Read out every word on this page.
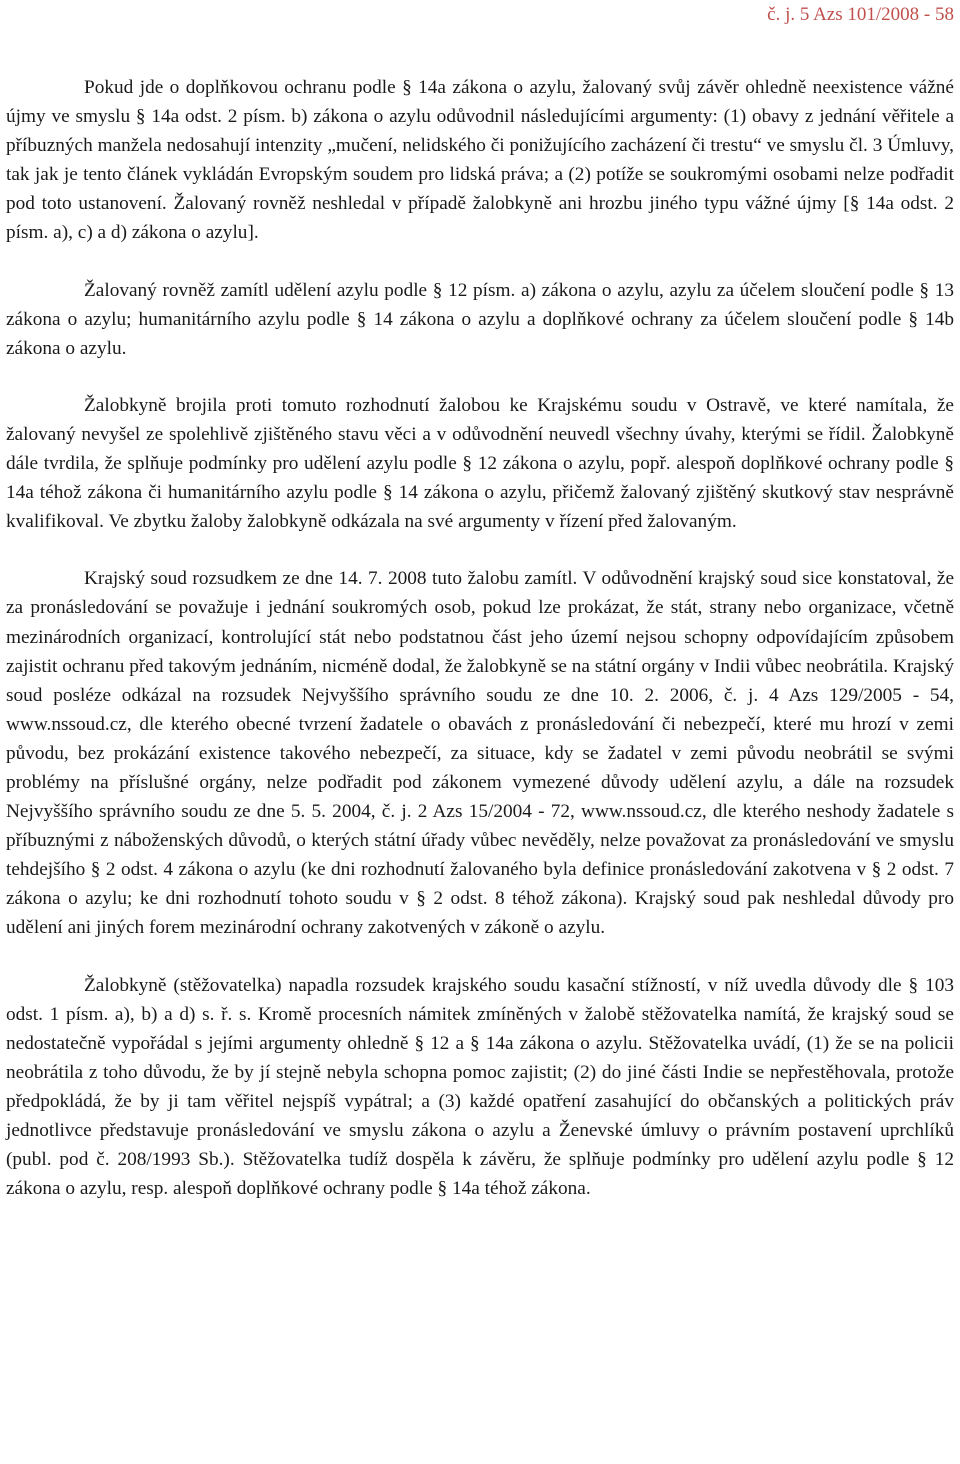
č. j. 5 Azs 101/2008 - 58

Pokud jde o doplňkovou ochranu podle § 14a zákona o azylu, žalovaný svůj závěr ohledně neexistence vážné újmy ve smyslu § 14a odst. 2 písm. b) zákona o azylu odůvodnil následujícími argumenty: (1) obavy z jednání věřitele a příbuzných manžela nedosahují intenzity „mučení, nelidského či ponižujícího zacházení či trestu“ ve smyslu čl. 3 Úmluvy, tak jak je tento článek vykládán Evropským soudem pro lidská práva; a (2) potíže se soukromými osobami nelze podřadit pod toto ustanovení. Žalovaný rovněž neshledal v případě žalobkyně ani hrozbu jiného typu vážné újmy [§ 14a odst. 2 písm. a), c) a d) zákona o azylu].

Žalovaný rovněž zamítl udělení azylu podle § 12 písm. a) zákona o azylu, azylu za účelem sloučení podle § 13 zákona o azylu; humanitárního azylu podle § 14 zákona o azylu a doplňkové ochrany za účelem sloučení podle § 14b zákona o azylu.

Žalobkyně brojila proti tomuto rozhodnutí žalobou ke Krajskému soudu v Ostravě, ve které namítala, že žalovaný nevyšel ze spolehlivě zjištěného stavu věci a v odůvodnění neuvedl všechny úvahy, kterými se řídil. Žalobkyně dále tvrdila, že splňuje podmínky pro udělení azylu podle § 12 zákona o azylu, popř. alespoň doplňkové ochrany podle § 14a téhož zákona či humanitárního azylu podle § 14 zákona o azylu, přičemž žalovaný zjištěný skutkový stav nesprávně kvalifikoval. Ve zbytku žaloby žalobkyně odkázala na své argumenty v řízení před žalovaným.

Krajský soud rozsudkem ze dne 14. 7. 2008 tuto žalobu zamítl. V odůvodnění krajský soud sice konstatoval, že za pronásledování se považuje i jednání soukromých osob, pokud lze prokázat, že stát, strany nebo organizace, včetně mezinárodních organizací, kontrolující stát nebo podstatnou část jeho území nejsou schopny odpovídajícím způsobem zajistit ochranu před takovým jednáním, nicméně dodal, že žalobkyně se na státní orgány v Indii vůbec neobrátila. Krajský soud posléze odkázal na rozsudek Nejvyššího správního soudu ze dne 10. 2. 2006, č. j. 4 Azs 129/2005 - 54, www.nssoud.cz, dle kterého obecné tvrzení žadatele o obavách z pronásledování či nebezpečí, které mu hrozí v zemi původu, bez prokázání existence takového nebezpečí, za situace, kdy se žadatel v zemi původu neobrátil se svými problémy na příslušné orgány, nelze podřadit pod zákonem vymezené důvody udělení azylu, a dále na rozsudek Nejvyššího správního soudu ze dne 5. 5. 2004, č. j. 2 Azs 15/2004 - 72, www.nssoud.cz, dle kterého neshody žadatele s příbuznými z náboženských důvodů, o kterých státní úřady vůbec nevěděly, nelze považovat za pronásledování ve smyslu tehdejšího § 2 odst. 4 zákona o azylu (ke dni rozhodnutí žalovaného byla definice pronásledování zakotvena v § 2 odst. 7 zákona o azylu; ke dni rozhodnutí tohoto soudu v § 2 odst. 8 téhož zákona). Krajský soud pak neshledal důvody pro udělení ani jiných forem mezinárodní ochrany zakotvených v zákoně o azylu.

Žalobkyně (stěžovatelka) napadla rozsudek krajského soudu kasační stížností, v níž uvedla důvody dle § 103 odst. 1 písm. a), b) a d) s. ř. s. Kromě procesních námitek zmíněných v žalobě stěžovatelka namítá, že krajský soud se nedostatečně vypořádal s jejími argumenty ohledně § 12 a § 14a zákona o azylu. Stěžovatelka uvádí, (1) že se na policii neobrátila z toho důvodu, že by jí stejně nebyla schopna pomoc zajistit; (2) do jiné části Indie se nepřestěhovala, protože předpokládá, že by ji tam věřitel nejspíš vypátral; a (3) každé opatření zasahující do občanských a politických práv jednotlivce představuje pronásledování ve smyslu zákona o azylu a Ženevské úmluvy o právním postavení uprchlíků (publ. pod č. 208/1993 Sb.). Stěžovatelka tudíž dospěla k závěru, že splňuje podmínky pro udělení azylu podle § 12 zákona o azylu, resp. alespoň doplňkové ochrany podle § 14a téhož zákona.
